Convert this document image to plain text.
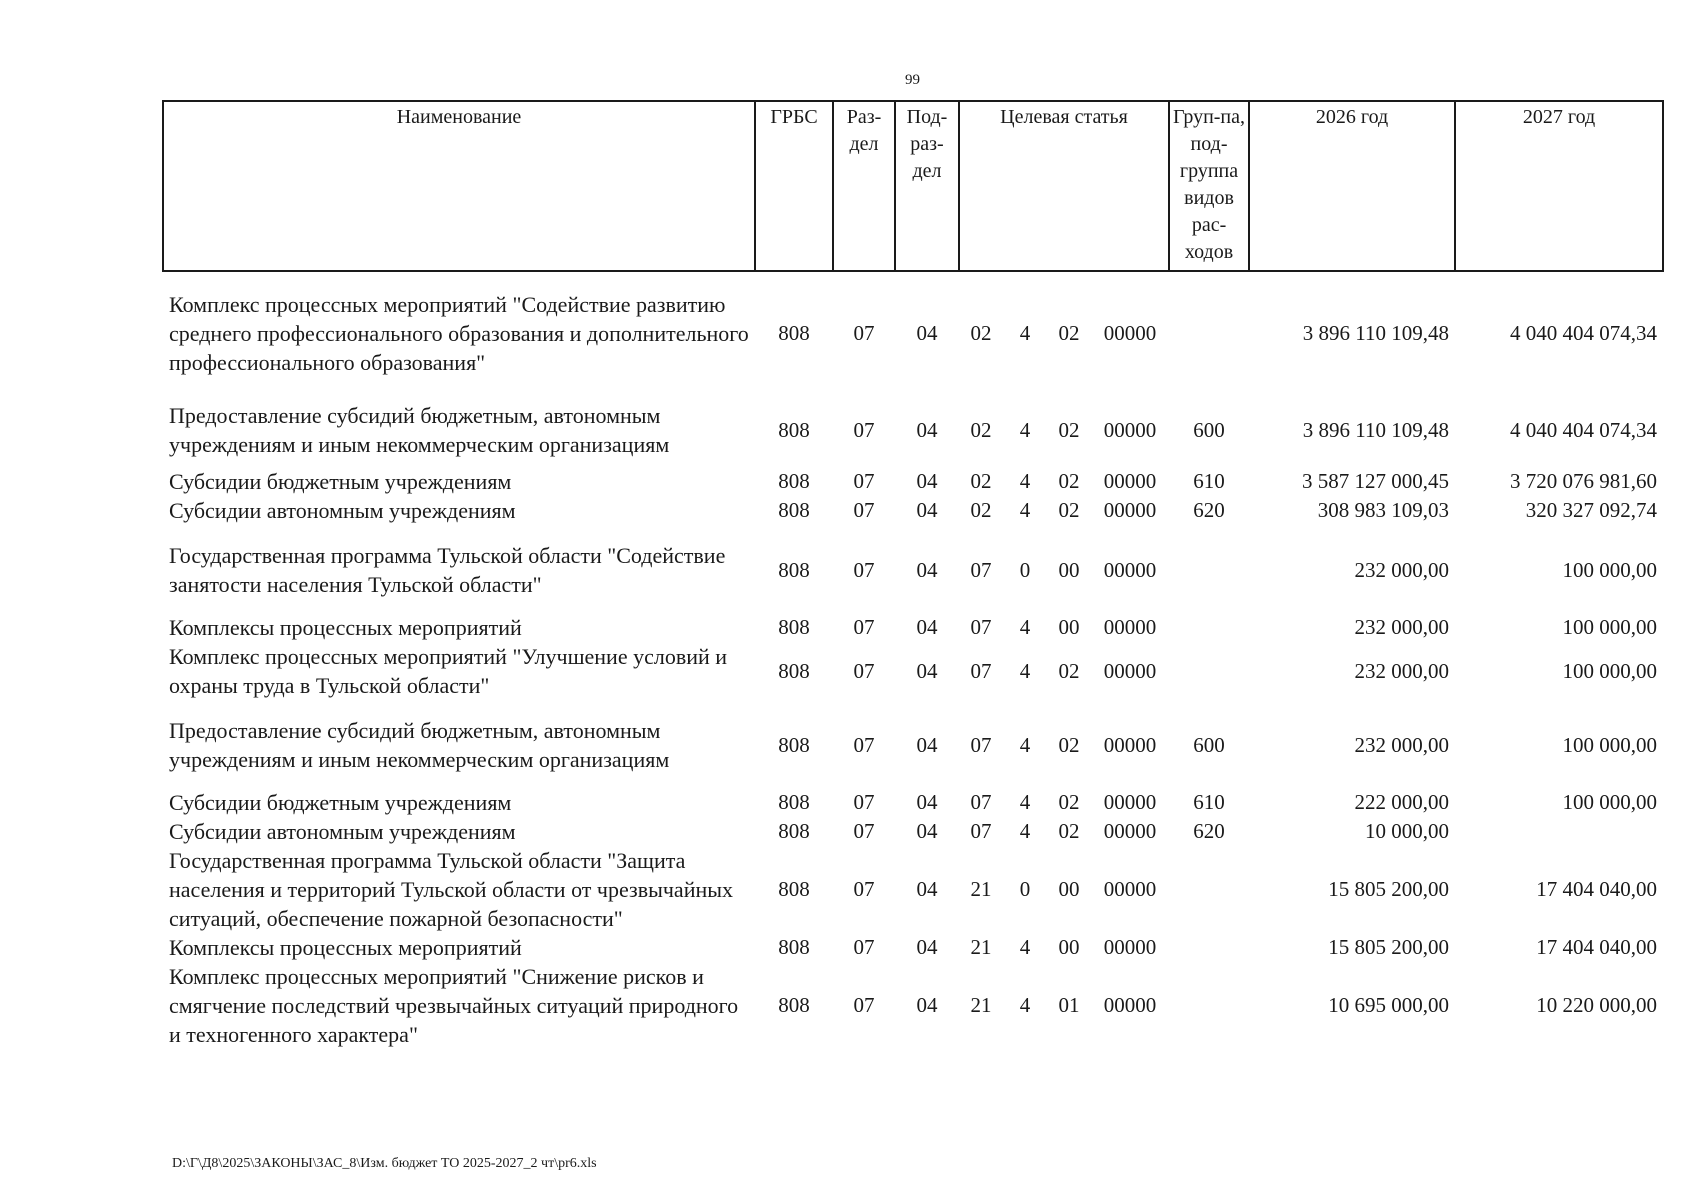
99
Наименование	ГРБС	Раз-дел	Под-раз-дел	Целевая статья				Груп-па, под-группа видов рас-ходов	2026 год	2027 год

Комплекс процессных мероприятий "Содействие развитию среднего профессионального образования и дополнительного профессионального образования"	808	07	04	02	4	02	00000		3 896 110 109,48	4 040 404 074,34

Предоставление субсидий бюджетным, автономным учреждениям и иным некоммерческим организациям	808	07	04	02	4	02	00000	600	3 896 110 109,48	4 040 404 074,34

Субсидии бюджетным учреждениям	808	07	04	02	4	02	00000	610	3 587 127 000,45	3 720 076 981,60
Субсидии автономным учреждениям	808	07	04	02	4	02	00000	620	308 983 109,03	320 327 092,74

Государственная программа Тульской области "Содействие занятости населения Тульской области"	808	07	04	07	0	00	00000		232 000,00	100 000,00

Комплексы процессных мероприятий	808	07	04	07	4	00	00000		232 000,00	100 000,00
Комплекс процессных мероприятий "Улучшение условий и охраны труда в Тульской области"	808	07	04	07	4	02	00000		232 000,00	100 000,00

Предоставление субсидий бюджетным, автономным учреждениям и иным некоммерческим организациям	808	07	04	07	4	02	00000	600	232 000,00	100 000,00

Субсидии бюджетным учреждениям	808	07	04	07	4	02	00000	610	222 000,00	100 000,00
Субсидии автономным учреждениям	808	07	04	07	4	02	00000	620	10 000,00	
Государственная программа Тульской области "Защита населения и территорий Тульской области от чрезвычайных ситуаций, обеспечение пожарной безопасности"	808	07	04	21	0	00	00000		15 805 200,00	17 404 040,00
Комплексы процессных мероприятий	808	07	04	21	4	00	00000		15 805 200,00	17 404 040,00
Комплекс процессных мероприятий "Снижение рисков и смягчение последствий чрезвычайных ситуаций природного и техногенного характера"	808	07	04	21	4	01	00000		10 695 000,00	10 220 000,00

D:\Г\Д8\2025\ЗАКОНЫ\ЗАС_8\Изм. бюджет ТО 2025-2027_2 чт\pr6.xls
